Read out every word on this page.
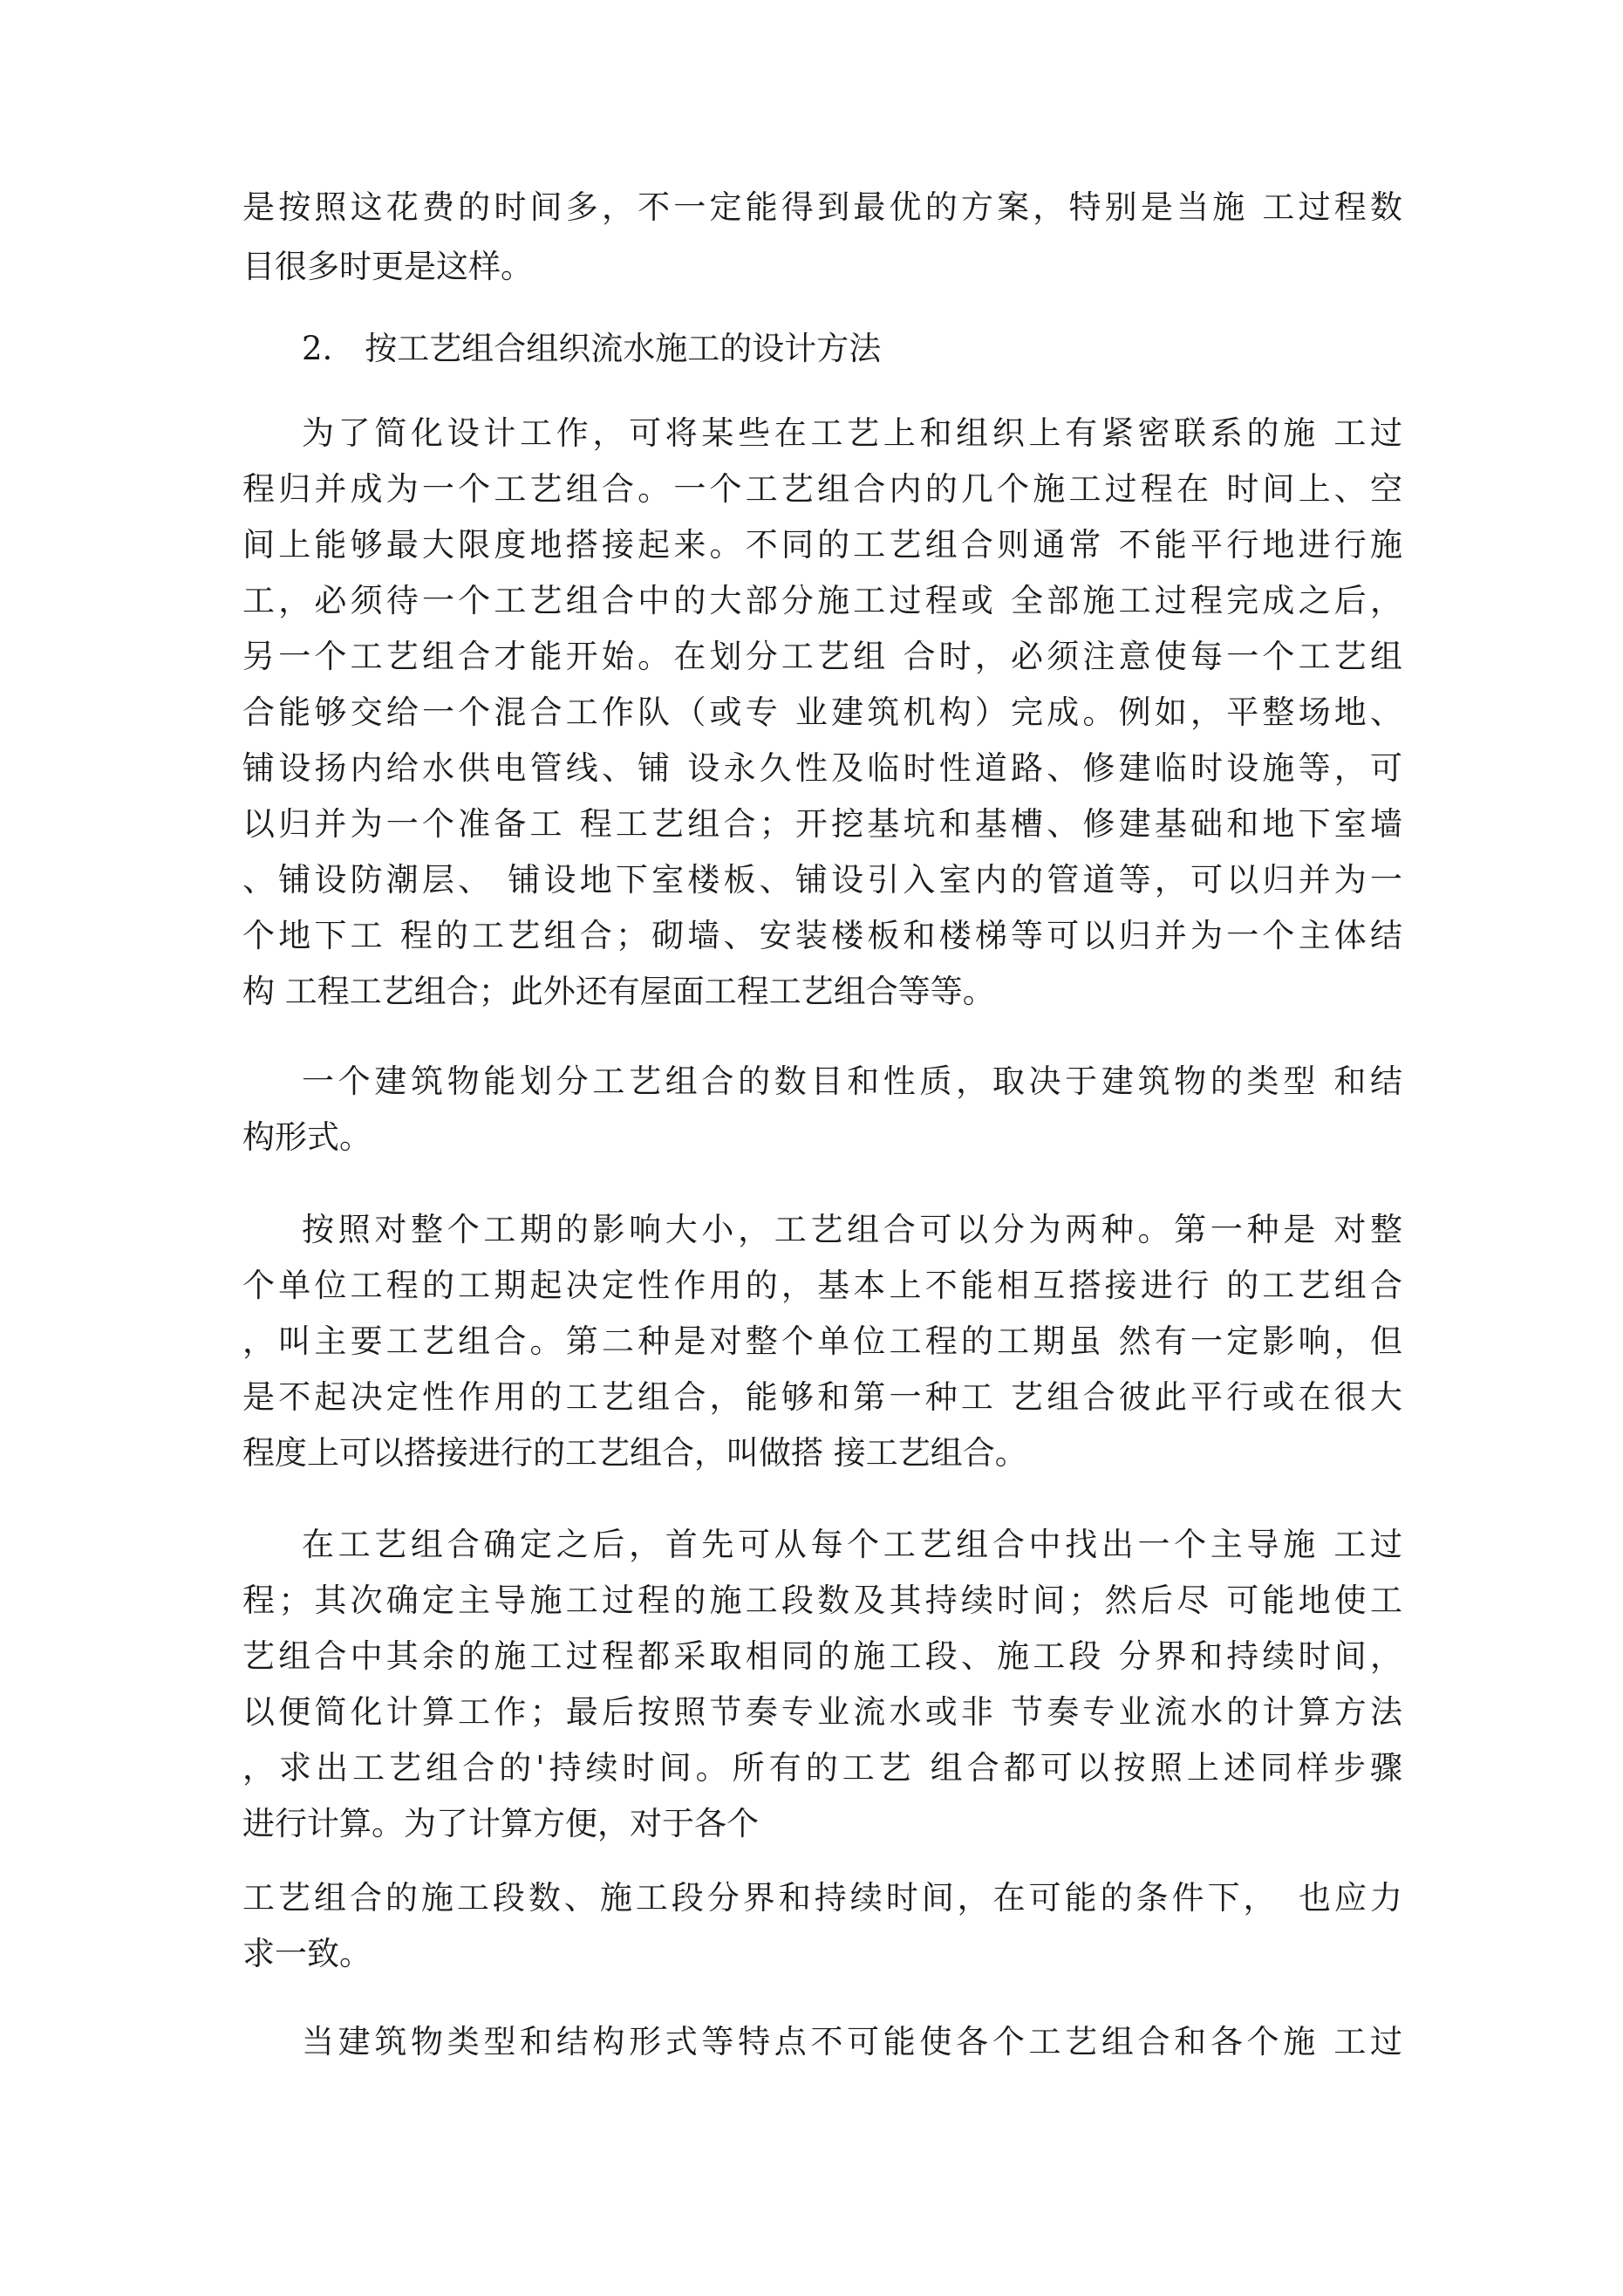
是按照这花费的时间多，不一定能得到最优的方案，特别是当施 工过程数
目很多时更是这样。
2.　按工艺组合组织流水施工的设计方法
为了简化设计工作，可将某些在工艺上和组织上有紧密联系的施 工过
程归并成为一个工艺组合。一个工艺组合内的几个施工过程在 时间上、空
间上能够最大限度地搭接起来。不同的工艺组合则通常 不能平行地进行施
工，必须待一个工艺组合中的大部分施工过程或 全部施工过程完成之后，
另一个工艺组合才能开始。在划分工艺组 合时，必须注意使每一个工艺组
合能够交给一个混合工作队（或专 业建筑机构）完成。例如，平整场地、
铺设扬内给水供电管线、铺 设永久性及临时性道路、修建临时设施等，可
以归并为一个准备工 程工艺组合；开挖基坑和基槽、修建基础和地下室墙
、铺设防潮层、 铺设地下室楼板、铺设引入室内的管道等，可以归并为一
个地下工 程的工艺组合；砌墙、安装楼板和楼梯等可以归并为一个主体结
构 工程工艺组合；此外还有屋面工程工艺组合等等。
一个建筑物能划分工艺组合的数目和性质，取决于建筑物的类型 和结
构形式。
按照对整个工期的影响大小，工艺组合可以分为两种。第一种是 对整
个单位工程的工期起决定性作用的，基本上不能相互搭接进行 的工艺组合
，叫主要工艺组合。第二种是对整个单位工程的工期虽 然有一定影响，但
是不起决定性作用的工艺组合，能够和第一种工 艺组合彼此平行或在很大
程度上可以搭接进行的工艺组合，叫做搭 接工艺组合。
在工艺组合确定之后，首先可从每个工艺组合中找出一个主导施 工过
程；其次确定主导施工过程的施工段数及其持续时间；然后尽 可能地使工
艺组合中其余的施工过程都采取相同的施工段、施工段 分界和持续时间，
以便简化计算工作；最后按照节奏专业流水或非 节奏专业流水的计算方法
，求出工艺组合的'持续时间。所有的工艺 组合都可以按照上述同样步骤
进行计算。为了计算方便，对于各个
工艺组合的施工段数、施工段分界和持续时间，在可能的条件下，　也应力
求一致。
当建筑物类型和结构形式等特点不可能使各个工艺组合和各个施 工过
